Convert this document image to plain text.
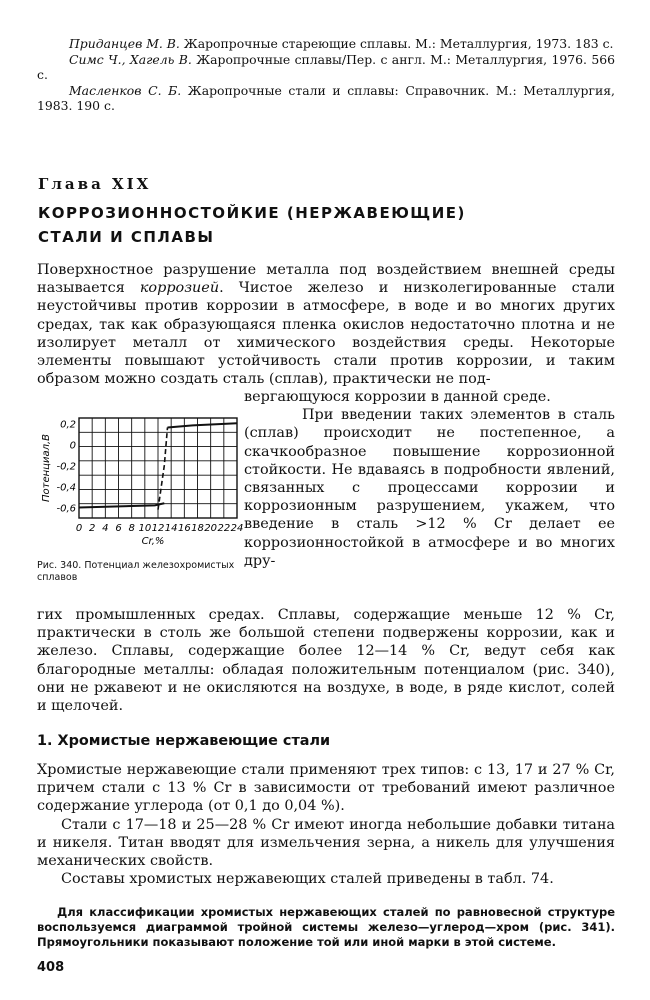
Приданцев М. В. Жаропрочные стареющие сплавы. М.: Металлургия, 1973. 183 с.

Симс Ч., Хагель В. Жаропрочные сплавы/Пер. с англ. М.: Металлургия, 1976. 566 с.

Масленков С. Б. Жаропрочные стали и сплавы: Справочник. М.: Металлургия, 1983. 190 с.

Глава XIX
КОРРОЗИОННОСТОЙКИЕ (НЕРЖАВЕЮЩИЕ)
СТАЛИ И СПЛАВЫ

Поверхностное разрушение металла под воздействием внешней среды называется коррозией. Чистое железо и низколегированные стали неустойчивы против коррозии в атмосфере, в воде и во многих других средах, так как образующаяся пленка окислов недостаточно плотна и не изолирует металл от химического воздействия среды. Некоторые элементы повышают устойчивость стали против коррозии, и таким образом можно создать сталь (сплав), практически не под-

вергающуюся коррозии в данной среде.

При введении таких элементов в сталь (сплав) происходит не постепенное, а скачкообразное повышение коррозионной стойкости. Не вдаваясь в подробности явлений, связанных с процессами коррозии и коррозионным разрушением, укажем, что введение в сталь >12 % Cr делает ее коррозионностойкой в атмосфере и во многих дру-

0 2 4 6 8 10 12 14 16 18 20 22 24
0,2
0
-0,2
-0,4
-0,6
Cr,%
Потенциал,В
Рис. 340. Потенциал железохромистых сплавов

гих промышленных средах. Сплавы, содержащие меньше 12 % Cr, практически в столь же большой степени подвержены коррозии, как и железо. Сплавы, содержащие более 12—14 % Cr, ведут себя как благородные металлы: обладая положительным потенциалом (рис. 340), они не ржавеют и не окисляются на воздухе, в воде, в ряде кислот, солей и щелочей.

1. Хромистые нержавеющие стали

Хромистые нержавеющие стали применяют трех типов: с 13, 17 и 27 % Cr, причем стали с 13 % Cr в зависимости от требований имеют различное содержание углерода (от 0,1 до 0,04 %).

Стали с 17—18 и 25—28 % Cr имеют иногда небольшие добавки титана и никеля. Титан вводят для измельчения зерна, а никель для улучшения механических свойств.

Составы хромистых нержавеющих сталей приведены в табл. 74.

Для классификации хромистых нержавеющих сталей по равновесной структуре воспользуемся диаграммой тройной системы железо—углерод—хром (рис. 341). Прямоугольники показывают положение той или иной марки в этой системе.

408
